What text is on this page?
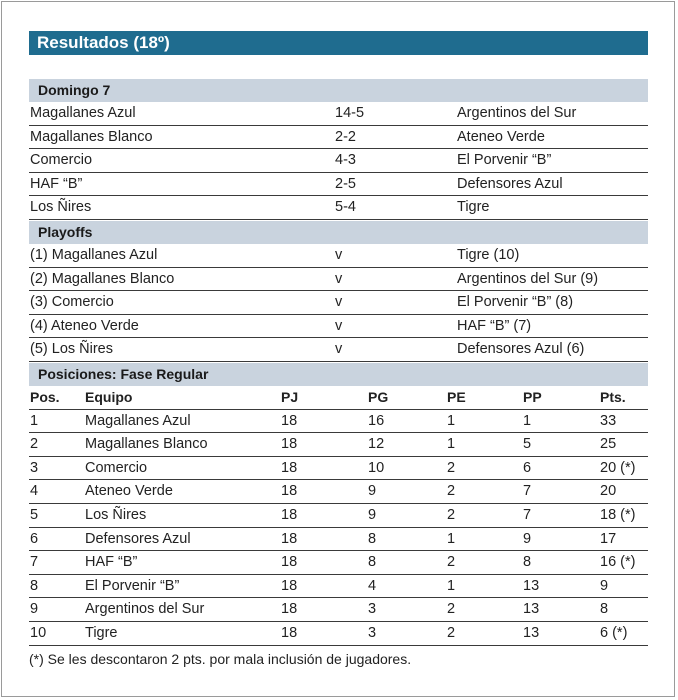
Resultados (18º)
Domingo 7
Magallanes Azul	14-5	Argentinos del Sur
Magallanes Blanco	2-2	Ateneo Verde
Comercio	4-3	El Porvenir “B”
HAF “B”	2-5	Defensores Azul
Los Ñires	5-4	Tigre
Playoffs
(1) Magallanes Azul	v	Tigre (10)
(2) Magallanes Blanco	v	Argentinos del Sur (9)
(3) Comercio	v	El Porvenir “B” (8)
(4) Ateneo Verde	v	HAF “B” (7)
(5) Los Ñires	v	Defensores Azul (6)
Posiciones: Fase Regular
Pos. Equipo	PJ	PG	PE	PP	Pts.
1	Magallanes Azul	18	16	1	1	33
2	Magallanes Blanco	18	12	1	5	25
3	Comercio	18	10	2	6	20 (*)
4	Ateneo Verde	18	9	2	7	20
5	Los Ñires	18	9	2	7	18 (*)
6	Defensores Azul	18	8	1	9	17
7	HAF “B”	18	8	2	8	16 (*)
8	El Porvenir “B”	18	4	1	13	9
9	Argentinos del Sur	18	3	2	13	8
10	Tigre	18	3	2	13	6 (*)
(*) Se les descontaron 2 pts. por mala inclusión de jugadores.
